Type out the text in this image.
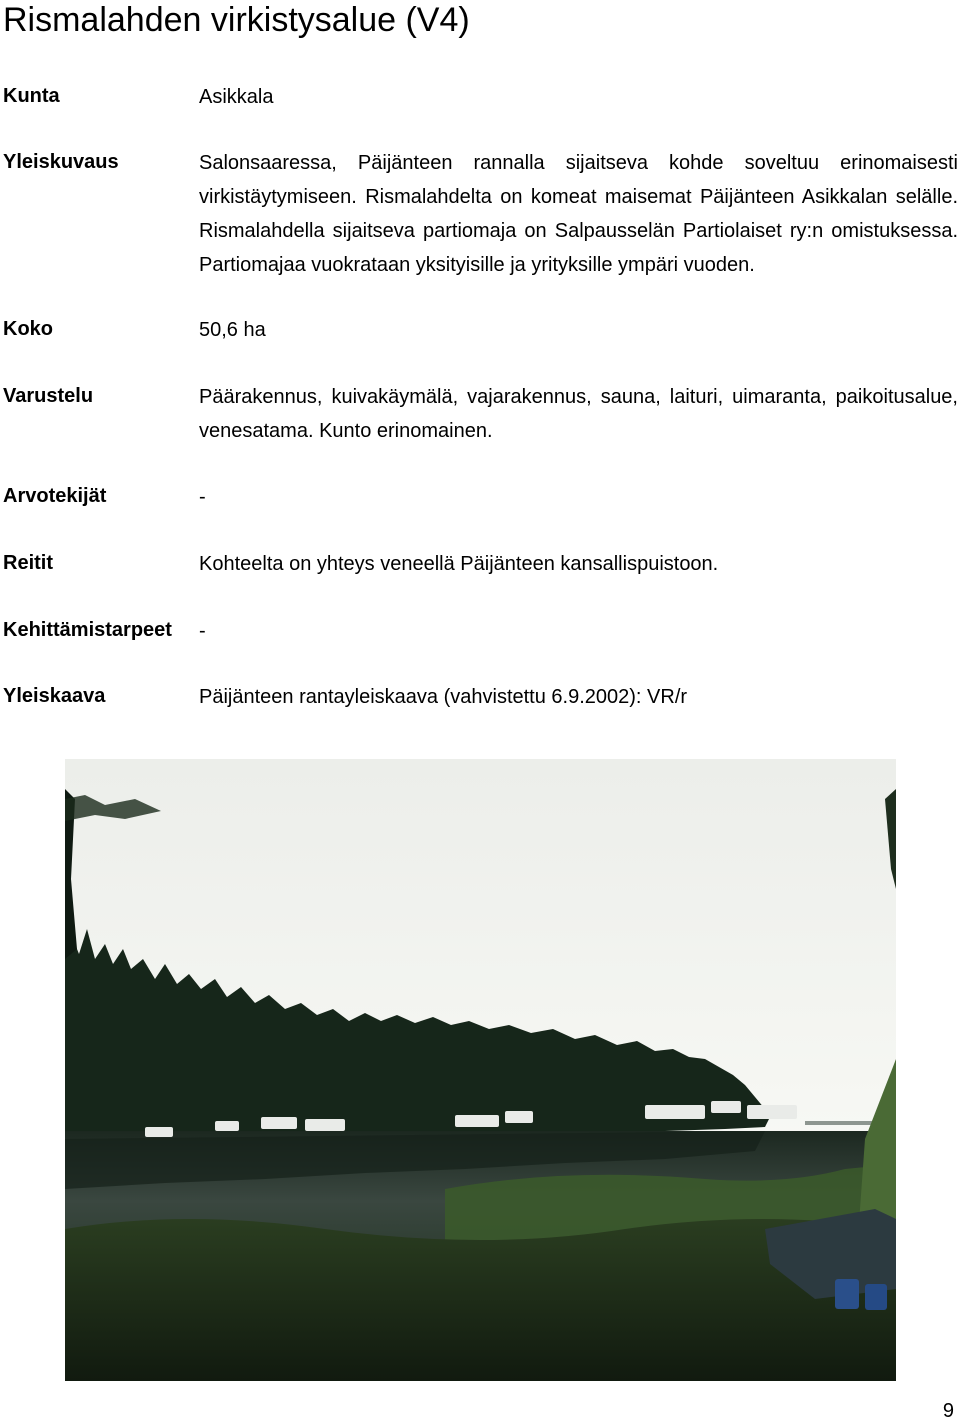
Rismalahden virkistysalue (V4)
Kunta	Asikkala
Yleiskuvaus	Salonsaaressa, Päijänteen rannalla sijaitseva kohde soveltuu erinomaisesti virkistäytymiseen. Rismalahdelta on komeat maisemat Päijänteen Asikkalan selälle. Rismalahdella sijaitseva partiomaja on Salpausselän Partiolaiset ry:n omistuksessa. Partiomajaa vuokrataan yksityisille ja yrityksille ympäri vuoden.
Koko	50,6 ha
Varustelu	Päärakennus, kuivakäymälä, vajarakennus, sauna, laituri, uimaranta, paikoitusalue, venesatama. Kunto erinomainen.
Arvotekijät	-
Reitit	Kohteelta on yhteys veneellä Päijänteen kansallispuistoon.
Kehittämistarpeet -
Yleiskaava	Päijänteen rantayleiskaava (vahvistettu 6.9.2002): VR/r
9
